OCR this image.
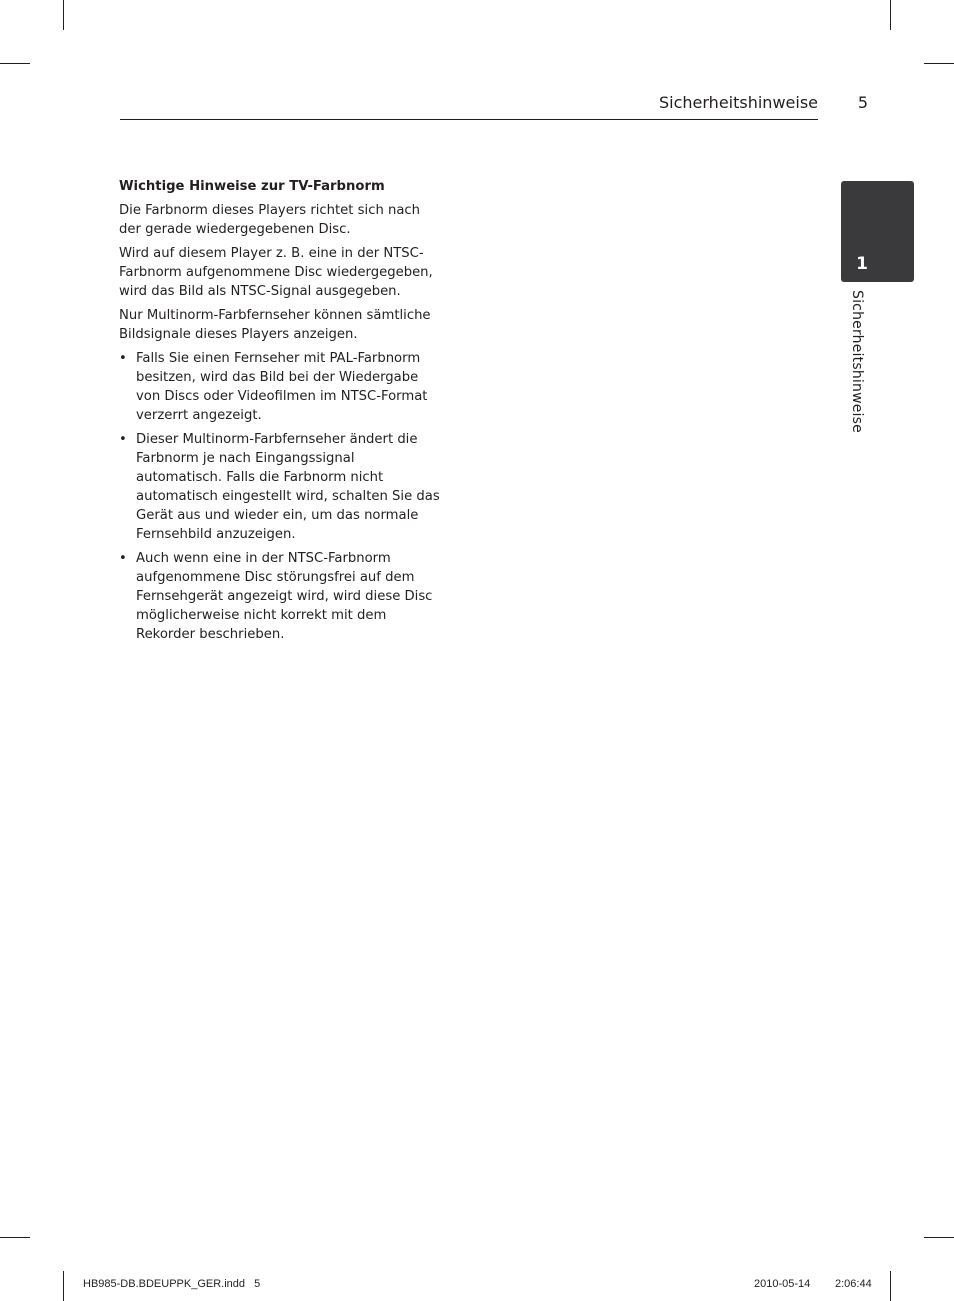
Sicherheitshinweise	5
1
Sicherheitshinweise

Wichtige Hinweise zur TV-Farbnorm

Die Farbnorm dieses Players richtet sich nach der gerade wiedergegebenen Disc.

Wird auf diesem Player z. B. eine in der NTSC-Farbnorm aufgenommene Disc wiedergegeben, wird das Bild als NTSC-Signal ausgegeben.

Nur Multinorm-Farbfernseher können sämtliche Bildsignale dieses Players anzeigen.

• Falls Sie einen Fernseher mit PAL-Farbnorm besitzen, wird das Bild bei der Wiedergabe von Discs oder Videofilmen im NTSC-Format verzerrt angezeigt.
• Dieser Multinorm-Farbfernseher ändert die Farbnorm je nach Eingangssignal automatisch. Falls die Farbnorm nicht automatisch eingestellt wird, schalten Sie das Gerät aus und wieder ein, um das normale Fernsehbild anzuzeigen.
• Auch wenn eine in der NTSC-Farbnorm aufgenommene Disc störungsfrei auf dem Fernsehgerät angezeigt wird, wird diese Disc möglicherweise nicht korrekt mit dem Rekorder beschrieben.
HB985-DB.BDEUPPK_GER.indd   5	2010-05-14 2:06:44
